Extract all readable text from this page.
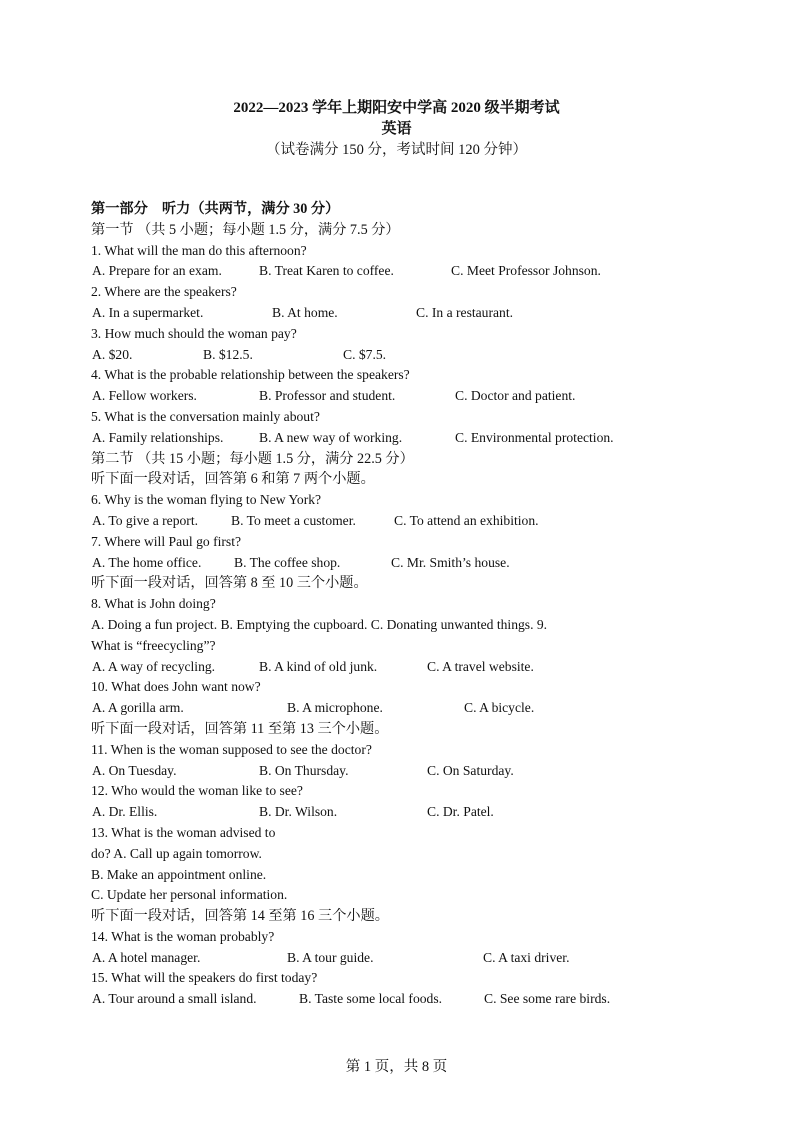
2022—2023 学年上期阳安中学高 2020 级半期考试
英语
（试卷满分 150 分，考试时间 120 分钟）
第一部分　听力（共两节，满分 30 分）
第一节 （共 5 小题；每小题 1.5 分，满分 7.5 分）
1. What will the man do this afternoon?
A. Prepare for an exam.	B. Treat Karen to coffee.	C. Meet Professor Johnson.
2. Where are the speakers?
A. In a supermarket.	B. At home.	C. In a restaurant.
3. How much should the woman pay?
A. $20.	B. $12.5.	C. $7.5.
4. What is the probable relationship between the speakers?
A. Fellow workers.	B. Professor and student.	C. Doctor and patient.
5. What is the conversation mainly about?
A. Family relationships.	B. A new way of working.	C. Environmental protection.
第二节 （共 15 小题；每小题 1.5 分，满分 22.5 分）
听下面一段对话，回答第 6 和第 7 两个小题。
6. Why is the woman flying to New York?
A. To give a report. B. To meet a customer.	C. To attend an exhibition.
7. Where will Paul go first?
A. The home office. B. The coffee shop.	C. Mr. Smith’s house.
听下面一段对话，回答第 8 至 10 三个小题。
8. What is John doing?
A. Doing a fun project. B. Emptying the cupboard. C. Donating unwanted things. 9.
What is “freecycling”?
A. A way of recycling.	B. A kind of old junk.	C. A travel website.
10. What does John want now?
A. A gorilla arm.	B. A microphone.	C. A bicycle.
听下面一段对话，回答第 11 至第 13 三个小题。
11. When is the woman supposed to see the doctor?
A. On Tuesday.	B. On Thursday.	C. On Saturday.
12. Who would the woman like to see?
A. Dr. Ellis.	B. Dr. Wilson.	C. Dr. Patel.
13. What is the woman advised to
do? A. Call up again tomorrow.
B. Make an appointment online.
C. Update her personal information.
听下面一段对话，回答第 14 至第 16 三个小题。
14. What is the woman probably?
A. A hotel manager.	B. A tour guide.	C. A taxi driver.
15. What will the speakers do first today?
A. Tour around a small island.	B. Taste some local foods.	C. See some rare birds.
第 1 页，共 8 页
